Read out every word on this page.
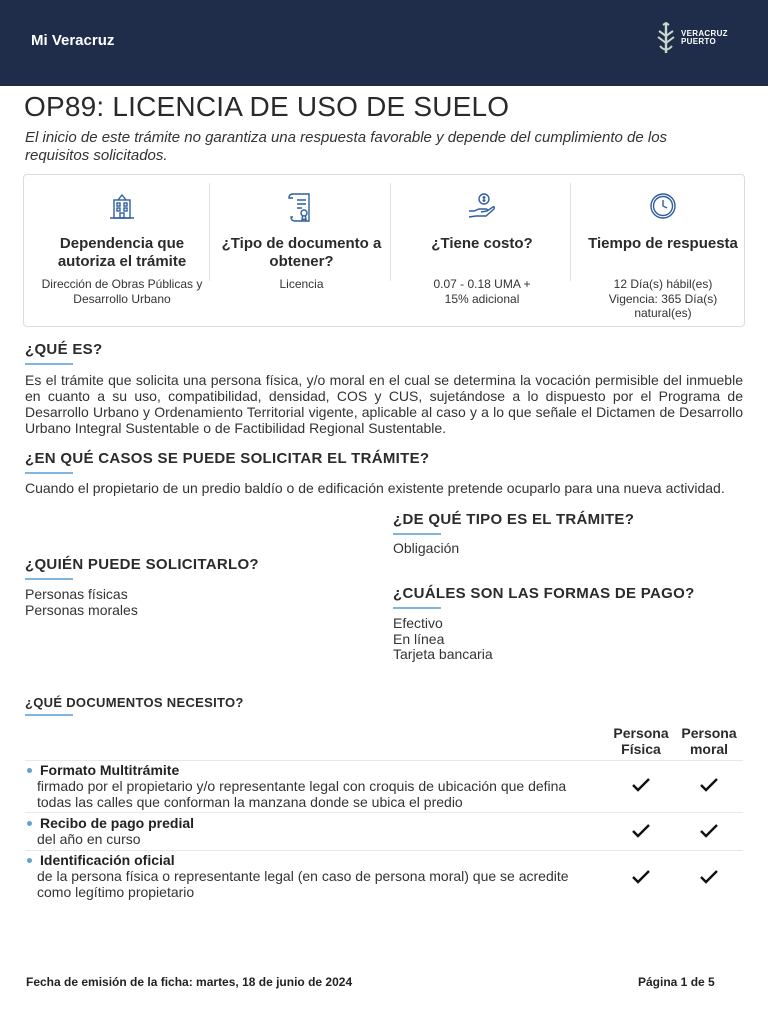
Mi Veracruz	VERACRUZ
PUERTO
OP89: LICENCIA DE USO DE SUELO

El inicio de este trámite no garantiza una respuesta favorable y depende del cumplimiento de los requisitos solicitados.

Dependencia que autoriza el trámite
Dirección de Obras Públicas y Desarrollo Urbano
¿Tipo de documento a obtener?
Licencia
¿Tiene costo?
0.07 - 0.18 UMA + 15% adicional
Tiempo de respuesta
12 Día(s) hábil(es) Vigencia: 365 Día(s) natural(es)
¿QUÉ ES?

Es el trámite que solicita una persona física, y/o moral en el cual se determina la vocación permisible del inmueble en cuanto a su uso, compatibilidad, densidad, COS y CUS, sujetándose a lo dispuesto por el Programa de Desarrollo Urbano y Ordenamiento Territorial vigente, aplicable al caso y a lo que señale el Dictamen de Desarrollo Urbano Integral Sustentable o de Factibilidad Regional Sustentable.

¿EN QUÉ CASOS SE PUEDE SOLICITAR EL TRÁMITE?

Cuando el propietario de un predio baldío o de edificación existente pretende ocuparlo para una nueva actividad.

¿DE QUÉ TIPO ES EL TRÁMITE?
Obligación
¿QUIÉN PUEDE SOLICITARLO?
Personas físicas
Personas morales
¿CUÁLES SON LAS FORMAS DE PAGO?
Efectivo
En línea
Tarjeta bancaria
¿QUÉ DOCUMENTOS NECESITO?
Persona Física
Persona moral
Formato Multitrámite
firmado por el propietario y/o representante legal con croquis de ubicación que defina todas las calles que conforman la manzana donde se ubica el predio
Recibo de pago predial
del año en curso
Identificación oficial
de la persona física o representante legal (en caso de persona moral) que se acredite como legítimo propietario
Fecha de emisión de la ficha: martes, 18 de junio de 2024	Página 1 de 5
